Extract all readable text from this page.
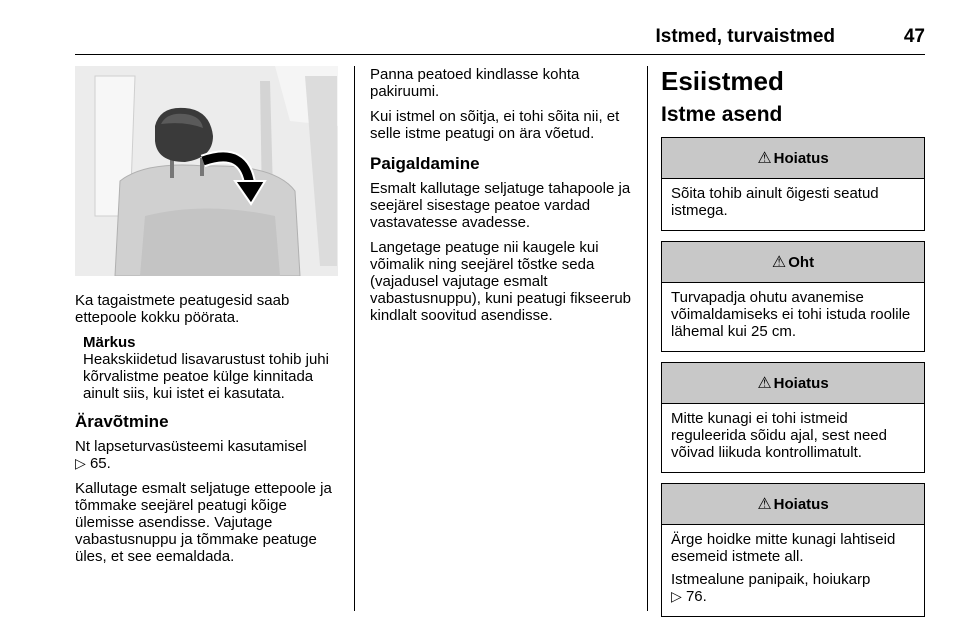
Istmed, turvaistmed	47

Ka tagaistmete peatugesid saab ettepoole kokku pöörata.

Märkus

Heakskiidetud lisavarustust tohib juhi kõrvalistme peatoe külge kinnitada ainult siis, kui istet ei kasutata.

Äravõtmine

Nt lapseturvasüsteemi kasutamisel
▷ 65.

Kallutage esmalt seljatuge ettepoole ja tõmmake seejärel peatugi kõige ülemisse asendisse. Vajutage vabastusnuppu ja tõmmake peatuge üles, et see eemaldada.

Panna peatoed kindlasse kohta pakiruumi.

Kui istmel on sõitja, ei tohi sõita nii, et selle istme peatugi on ära võetud.

Paigaldamine

Esmalt kallutage seljatuge tahapoole ja seejärel sisestage peatoe vardad vastavatesse avadesse.

Langetage peatuge nii kaugele kui võimalik ning seejärel tõstke seda (vajadusel vajutage esmalt vabastusnuppu), kuni peatugi fikseerub kindlalt soovitud asendisse.

Esiistmed
Istme asend
⚠ Hoiatus

Sõita tohib ainult õigesti seatud istmega.

⚠ Oht

Turvapadja ohutu avanemise võimaldamiseks ei tohi istuda roolile lähemal kui 25 cm.

⚠ Hoiatus

Mitte kunagi ei tohi istmeid reguleerida sõidu ajal, sest need võivad liikuda kontrollimatult.

⚠ Hoiatus

Ärge hoidke mitte kunagi lahtiseid esemeid istmete all.

Istmealune panipaik, hoiukarp
▷ 76.
